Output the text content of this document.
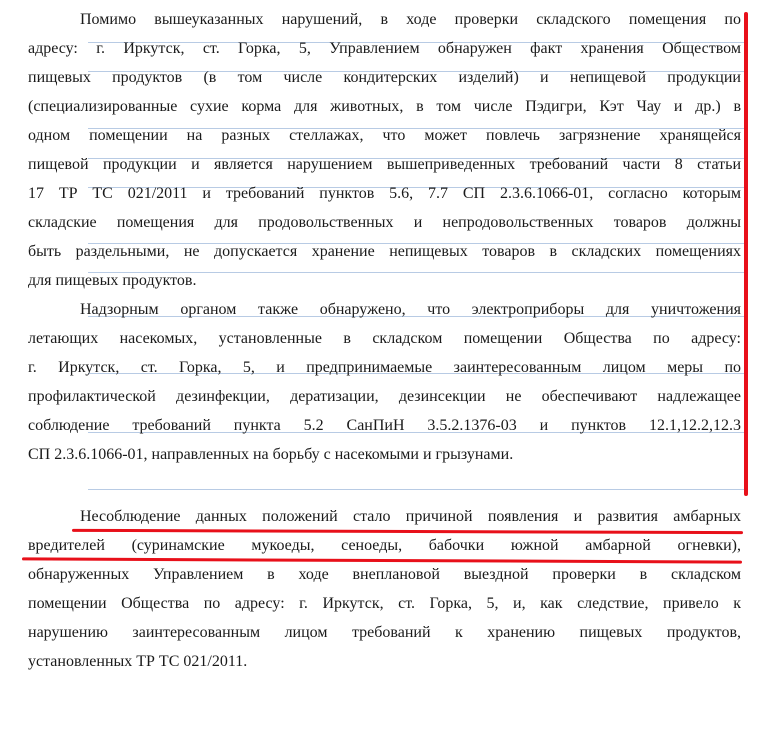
Помимо вышеуказанных нарушений, в ходе проверки складского помещения по
адресу: г. Иркутск, ст. Горка, 5, Управлением обнаружен факт хранения Обществом
пищевых продуктов (в том числе кондитерских изделий) и непищевой продукции
(специализированные сухие корма для животных, в том числе Пэдигри, Кэт Чау и др.) в
одном помещении на разных стеллажах, что может повлечь загрязнение хранящейся
пищевой продукции и является нарушением вышеприведенных требований части 8 статьи
17 ТР ТС 021/2011 и требований пунктов 5.6, 7.7 СП 2.3.6.1066-01, согласно которым
складские помещения для продовольственных и непродовольственных товаров должны
быть раздельными, не допускается хранение непищевых товаров в складских помещениях
для пищевых продуктов.
Надзорным органом также обнаружено, что электроприборы для уничтожения
летающих насекомых, установленные в складском помещении Общества по адресу:
г. Иркутск, ст. Горка, 5, и предпринимаемые заинтересованным лицом меры по
профилактической дезинфекции, дератизации, дезинсекции не обеспечивают надлежащее
соблюдение требований пункта 5.2 СанПиН 3.5.2.1376-03 и пунктов 12.1,12.2,12.3
СП 2.3.6.1066-01, направленных на борьбу с насекомыми и грызунами.
Несоблюдение данных положений стало причиной появления и развития амбарных
вредителей (суринамские мукоеды, сеноеды, бабочки южной амбарной огневки),
обнаруженных Управлением в ходе внеплановой выездной проверки в складском
помещении Общества по адресу: г. Иркутск, ст. Горка, 5, и, как следствие, привело к
нарушению заинтересованным лицом требований к хранению пищевых продуктов,
установленных ТР ТС 021/2011.
